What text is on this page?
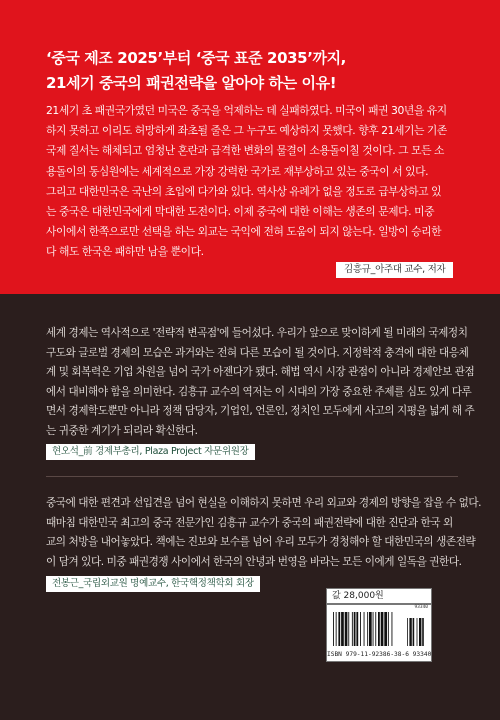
‘중국 제조 2025’부터 ‘중국 표준 2035’까지,
21세기 중국의 패권전략을 알아야 하는 이유!
21세기 초 패권국가였던 미국은 중국을 억제하는 데 실패하였다. 미국이 패권 30년을 유지
하지 못하고 이리도 허망하게 좌초될 줄은 그 누구도 예상하지 못했다. 향후 21세기는 기존
국제 질서는 해체되고 엄청난 혼란과 급격한 변화의 물결이 소용돌이칠 것이다. 그 모든 소
용돌이의 동심원에는 세계적으로 가장 강력한 국가로 재부상하고 있는 중국이 서 있다.
그리고 대한민국은 국난의 초입에 다가와 있다. 역사상 유례가 없을 정도로 급부상하고 있
는 중국은 대한민국에게 막대한 도전이다. 이제 중국에 대한 이해는 생존의 문제다. 미중
사이에서 한쪽으로만 선택을 하는 외교는 국익에 전혀 도움이 되지 않는다. 일방이 승리한
다 해도 한국은 패하만 남을 뿐이다.
김흥규_아주대 교수, 저자
세계 경제는 역사적으로 '전략적 변곡점'에 들어섰다. 우리가 앞으로 맞이하게 될 미래의 국제정치
구도와 글로벌 경제의 모습은 과거와는 전혀 다른 모습이 될 것이다. 지정학적 충격에 대한 대응체
계 및 회복력은 기업 차원을 넘어 국가 아젠다가 됐다. 해법 역시 시장 관점이 아니라 경제안보 관점
에서 대비해야 함을 의미한다. 김흥규 교수의 역저는 이 시대의 가장 중요한 주제를 심도 있게 다루
면서 경제학도뿐만 아니라 정책 담당자, 기업인, 언론인, 정치인 모두에게 사고의 지평을 넓게 해 주
는 귀중한 계기가 되리라 확신한다.
현오석_前 경제부총리, Plaza Project 자문위원장
중국에 대한 편견과 선입견을 넘어 현실을 이해하지 못하면 우리 외교와 경제의 방향을 잡을 수 없다.
때마침 대한민국 최고의 중국 전문가인 김흥규 교수가 중국의 패권전략에 대한 진단과 한국 외
교의 처방을 내어놓았다. 책에는 진보와 보수를 넘어 우리 모두가 경청해야 할 대한민국의 생존전략
이 담겨 있다. 미중 패권경쟁 사이에서 한국의 안녕과 번영을 바라는 모든 이에게 일독을 권한다.
전봉근_국립외교원 명예교수, 한국핵정책학회 회장
값 28,000원
93340
ISBN 979-11-92386-38-6 93340
